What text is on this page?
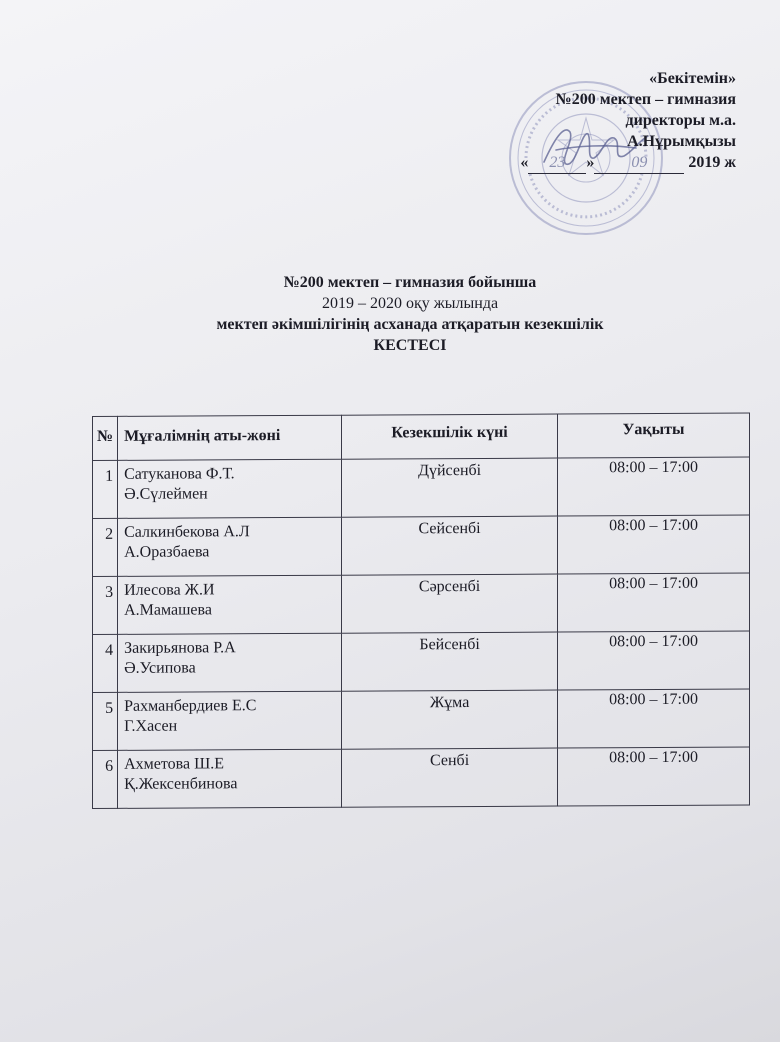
«Бекітемін»
№200 мектеп – гимназия
директоры м.а.
А.Нұрымқызы
« 23 » 09	2019 ж
№200 мектеп – гимназия бойынша
2019 – 2020 оқу жылында
мектеп әкімшілігінің асханада атқаратын кезекшілік
КЕСТЕСІ
№	Мұғалімнің аты-жөні	Кезекшілік күні	Уақыты
1	Сатуканова Ф.Т.
Ә.Сүлеймен	Дүйсенбі	08:00 – 17:00
2	Салкинбекова А.Л
А.Оразбаева	Сейсенбі	08:00 – 17:00
3	Илесова Ж.И
А.Мамашева	Сәрсенбі	08:00 – 17:00
4	Закирьянова Р.А
Ә.Усипова	Бейсенбі	08:00 – 17:00
5	Рахманбердиев Е.С
Г.Хасен	Жұма	08:00 – 17:00
6	Ахметова Ш.Е
Қ.Жексенбинова	Сенбі	08:00 – 17:00
